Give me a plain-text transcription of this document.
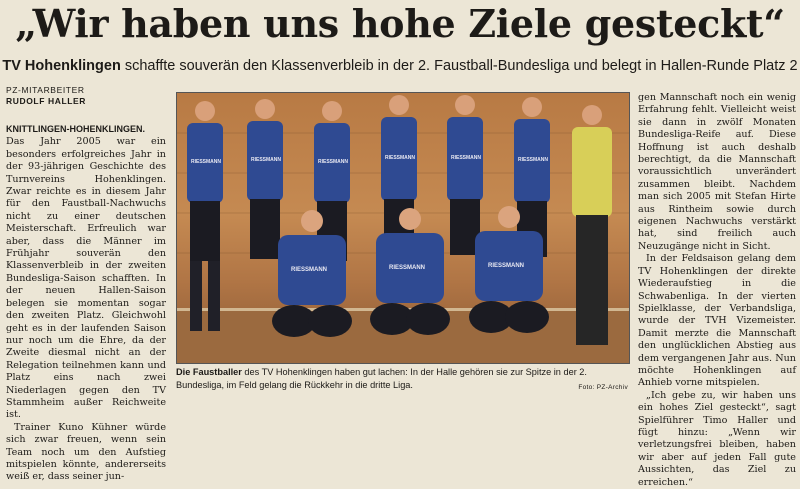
„Wir haben uns hohe Ziele gesteckt“
TV Hohenklingen schaffte souverän den Klassenverbleib in der 2. Faustball-Bundesliga und belegt in Hallen-Runde Platz 2
PZ-MITARBEITER
RUDOLF HALLER

KNITTLINGEN-HOHENKLINGEN. Das Jahr 2005 war ein besonders erfolgreiches Jahr in der 93-jährigen Geschichte des Turnvereins Hohenklingen. Zwar reichte es in diesem Jahr für den Faustball-Nachwuchs nicht zu einer deutschen Meisterschaft. Erfreulich war aber, dass die Männer im Frühjahr souverän den Klassenverbleib in der zweiten Bundesliga-Saison schafften. In der neuen Hallen-Saison belegen sie momentan sogar den zweiten Platz. Gleichwohl geht es in der laufenden Saison nur noch um die Ehre, da der Zweite diesmal nicht an der Relegation teilnehmen kann und Platz eins nach zwei Niederlagen gegen den TV Stammheim außer Reichweite ist.

Trainer Kuno Kühner würde sich zwar freuen, wenn sein Team noch um den Aufstieg mitspielen könnte, andererseits weiß er, dass seiner jun-

RIESSMANN	RIESSMANN	RIESSMANN
RIESSMANN	RIESSMANN	RIESSMANN
RIESSMANN	RIESSMANN	RIESSMANN
Die Faustballer des TV Hohenklingen haben gut lachen: In der Halle gehören sie zur Spitze in der 2. Bundesliga, im Feld gelang die Rückkehr in die dritte Liga.	Foto: PZ-Archiv

gen Mannschaft noch ein wenig Erfahrung fehlt. Vielleicht weist sie dann in zwölf Monaten Bundesliga-Reife auf. Diese Hoffnung ist auch deshalb berechtigt, da die Mannschaft voraussichtlich unverändert zusammen bleibt. Nachdem man sich 2005 mit Stefan Hirte aus Rintheim sowie durch eigenen Nachwuchs verstärkt hat, sind freilich auch Neuzugänge nicht in Sicht.

In der Feldsaison gelang dem TV Hohenklingen der direkte Wiederaufstieg in die Schwabenliga. In der vierten Spielklasse, der Verbandsliga, wurde der TVH Vizemeister. Damit merzte die Mannschaft den unglücklichen Abstieg aus dem vergangenen Jahr aus. Nun möchte Hohenklingen auf Anhieb vorne mitspielen.

„Ich gebe zu, wir haben uns ein hohes Ziel gesteckt“, sagt Spielführer Timo Haller und fügt hinzu: „Wenn wir verletzungsfrei bleiben, haben wir aber auf jeden Fall gute Aussichten, das Ziel zu erreichen.“
